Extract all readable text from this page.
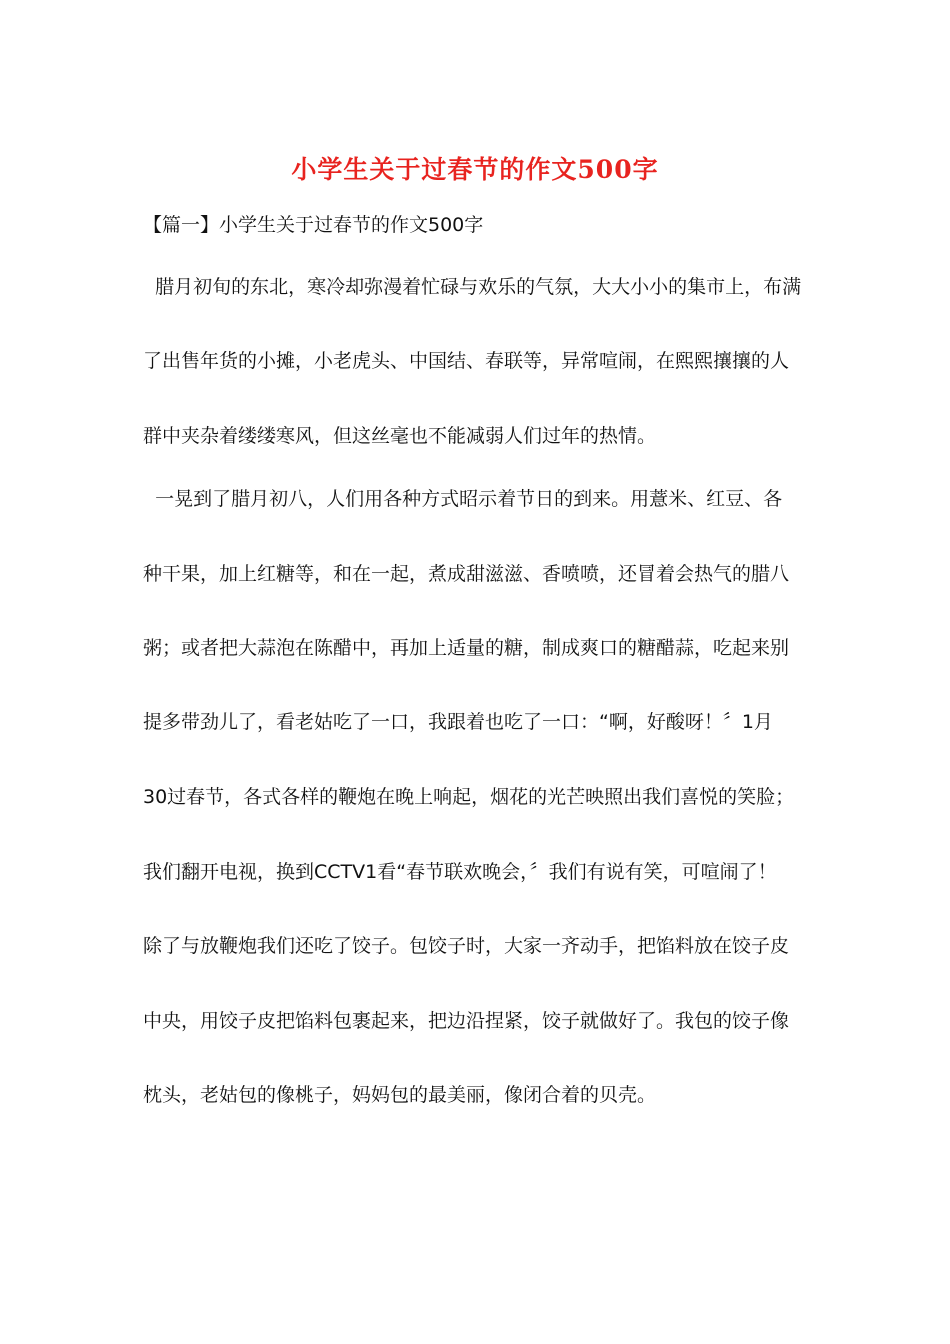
小学生关于过春节的作文500字
【篇一】小学生关于过春节的作文500字
腊月初旬的东北，寒冷却弥漫着忙碌与欢乐的气氛，大大小小的集市上，布满
了出售年货的小摊，小老虎头、中国结、春联等，异常喧闹，在熙熙攘攘的人
群中夹杂着缕缕寒风，但这丝毫也不能减弱人们过年的热情。
一晃到了腊月初八，人们用各种方式昭示着节日的到来。用薏米、红豆、各
种干果，加上红糖等，和在一起，煮成甜滋滋、香喷喷，还冒着会热气的腊八
粥；或者把大蒜泡在陈醋中，再加上适量的糖，制成爽口的糖醋蒜，吃起来别
提多带劲儿了，看老姑吃了一口，我跟着也吃了一口：“啊，好酸呀！〞1月
30过春节，各式各样的鞭炮在晚上响起，烟花的光芒映照出我们喜悦的笑脸；
我们翻开电视，换到CCTV1看“春节联欢晚会，〞我们有说有笑，可喧闹了！
除了与放鞭炮我们还吃了饺子。包饺子时，大家一齐动手，把馅料放在饺子皮
中央，用饺子皮把馅料包裹起来，把边沿捏紧，饺子就做好了。我包的饺子像
枕头，老姑包的像桃子，妈妈包的最美丽，像闭合着的贝壳。
